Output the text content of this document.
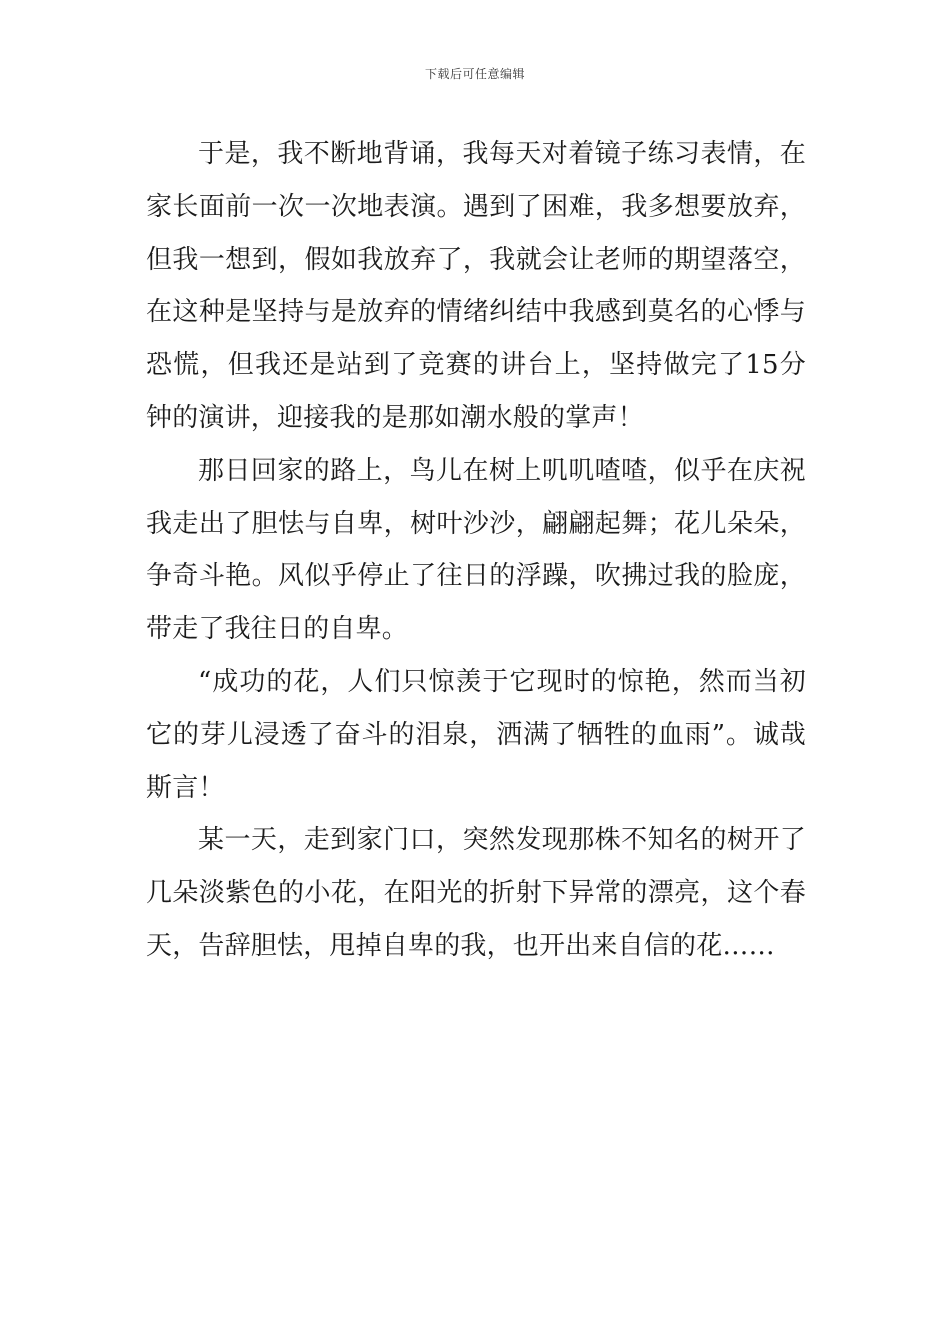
下载后可任意编辑

于是，我不断地背诵，我每天对着镜子练习表情，在家长面前一次一次地表演。遇到了困难，我多想要放弃，但我一想到，假如我放弃了，我就会让老师的期望落空，在这种是坚持与是放弃的情绪纠结中我感到莫名的心悸与恐慌，但我还是站到了竞赛的讲台上，坚持做完了15分钟的演讲，迎接我的是那如潮水般的掌声！

那日回家的路上，鸟儿在树上叽叽喳喳，似乎在庆祝我走出了胆怯与自卑，树叶沙沙，翩翩起舞；花儿朵朵，争奇斗艳。风似乎停止了往日的浮躁，吹拂过我的脸庞，带走了我往日的自卑。

“成功的花，人们只惊羡于它现时的惊艳，然而当初它的芽儿浸透了奋斗的泪泉，洒满了牺牲的血雨”。诚哉斯言！

某一天，走到家门口，突然发现那株不知名的树开了几朵淡紫色的小花，在阳光的折射下异常的漂亮，这个春天，告辞胆怯，甩掉自卑的我，也开出来自信的花……
